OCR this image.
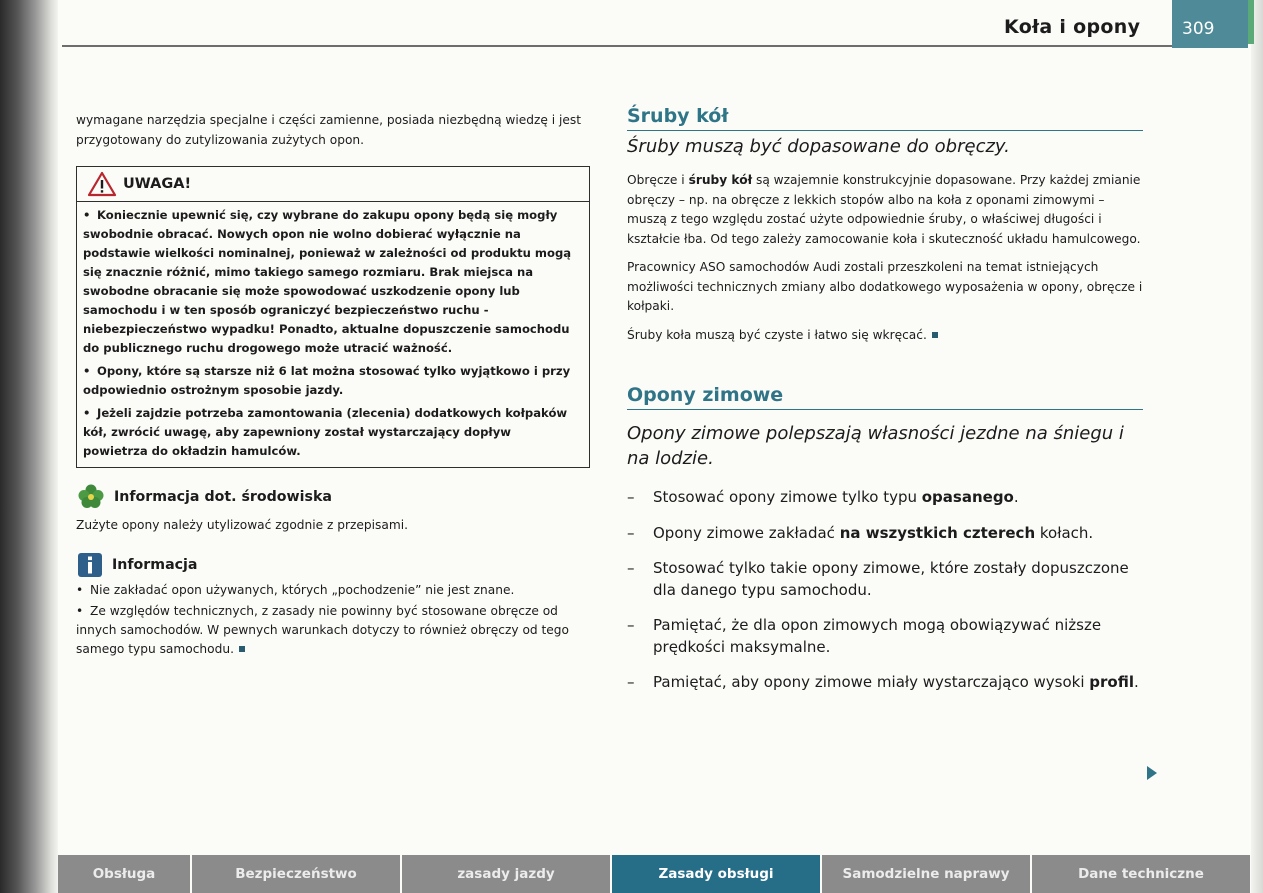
Koła i opony	309

wymagane narzędzia specjalne i części zamienne, posiada niezbędną wiedzę i jest przygotowany do zutylizowania zużytych opon.

UWAGA!

• Koniecznie upewnić się, czy wybrane do zakupu opony będą się mogły swobodnie obracać. Nowych opon nie wolno dobierać wyłącznie na podstawie wielkości nominalnej, ponieważ w zależności od produktu mogą się znacznie różnić, mimo takiego samego rozmiaru. Brak miejsca na swobodne obracanie się może spowodować uszkodzenie opony lub samochodu i w ten sposób ograniczyć bezpieczeństwo ruchu - niebezpieczeństwo wypadku! Ponadto, aktualne dopuszczenie samochodu do publicznego ruchu drogowego może utracić ważność.

• Opony, które są starsze niż 6 lat można stosować tylko wyjątkowo i przy odpowiednio ostrożnym sposobie jazdy.

• Jeżeli zajdzie potrzeba zamontowania (zlecenia) dodatkowych kołpaków kół, zwrócić uwagę, aby zapewniony został wystarczający dopływ powietrza do okładzin hamulców.

Informacja dot. środowiska

Zużyte opony należy utylizować zgodnie z przepisami.

Informacja

• Nie zakładać opon używanych, których „pochodzenie” nie jest znane.

• Ze względów technicznych, z zasady nie powinny być stosowane obręcze od innych samochodów. W pewnych warunkach dotyczy to również obręczy od tego samego typu samochodu.

Śruby kół
Śruby muszą być dopasowane do obręczy.

Obręcze i śruby kół są wzajemnie konstrukcyjnie dopasowane. Przy każdej zmianie obręczy – np. na obręcze z lekkich stopów albo na koła z oponami zimowymi – muszą z tego względu zostać użyte odpowiednie śruby, o właściwej długości i kształcie łba. Od tego zależy zamocowanie koła i skuteczność układu hamulcowego.

Pracownicy ASO samochodów Audi zostali przeszkoleni na temat istniejących możliwości technicznych zmiany albo dodatkowego wyposażenia w opony, obręcze i kołpaki.

Śruby koła muszą być czyste i łatwo się wkręcać.

Opony zimowe
Opony zimowe polepszają własności jezdne na śniegu i na lodzie.
–	Stosować opony zimowe tylko typu opasanego.
–	Opony zimowe zakładać na wszystkich czterech kołach.
–	Stosować tylko takie opony zimowe, które zostały dopuszczone dla danego typu samochodu.
–	Pamiętać, że dla opon zimowych mogą obowiązywać niższe prędkości maksymalne.
–	Pamiętać, aby opony zimowe miały wystarczająco wysoki profil.
Obsługa	Bezpieczeństwo	zasady jazdy	Zasady obsługi	Samodzielne naprawy	Dane techniczne
